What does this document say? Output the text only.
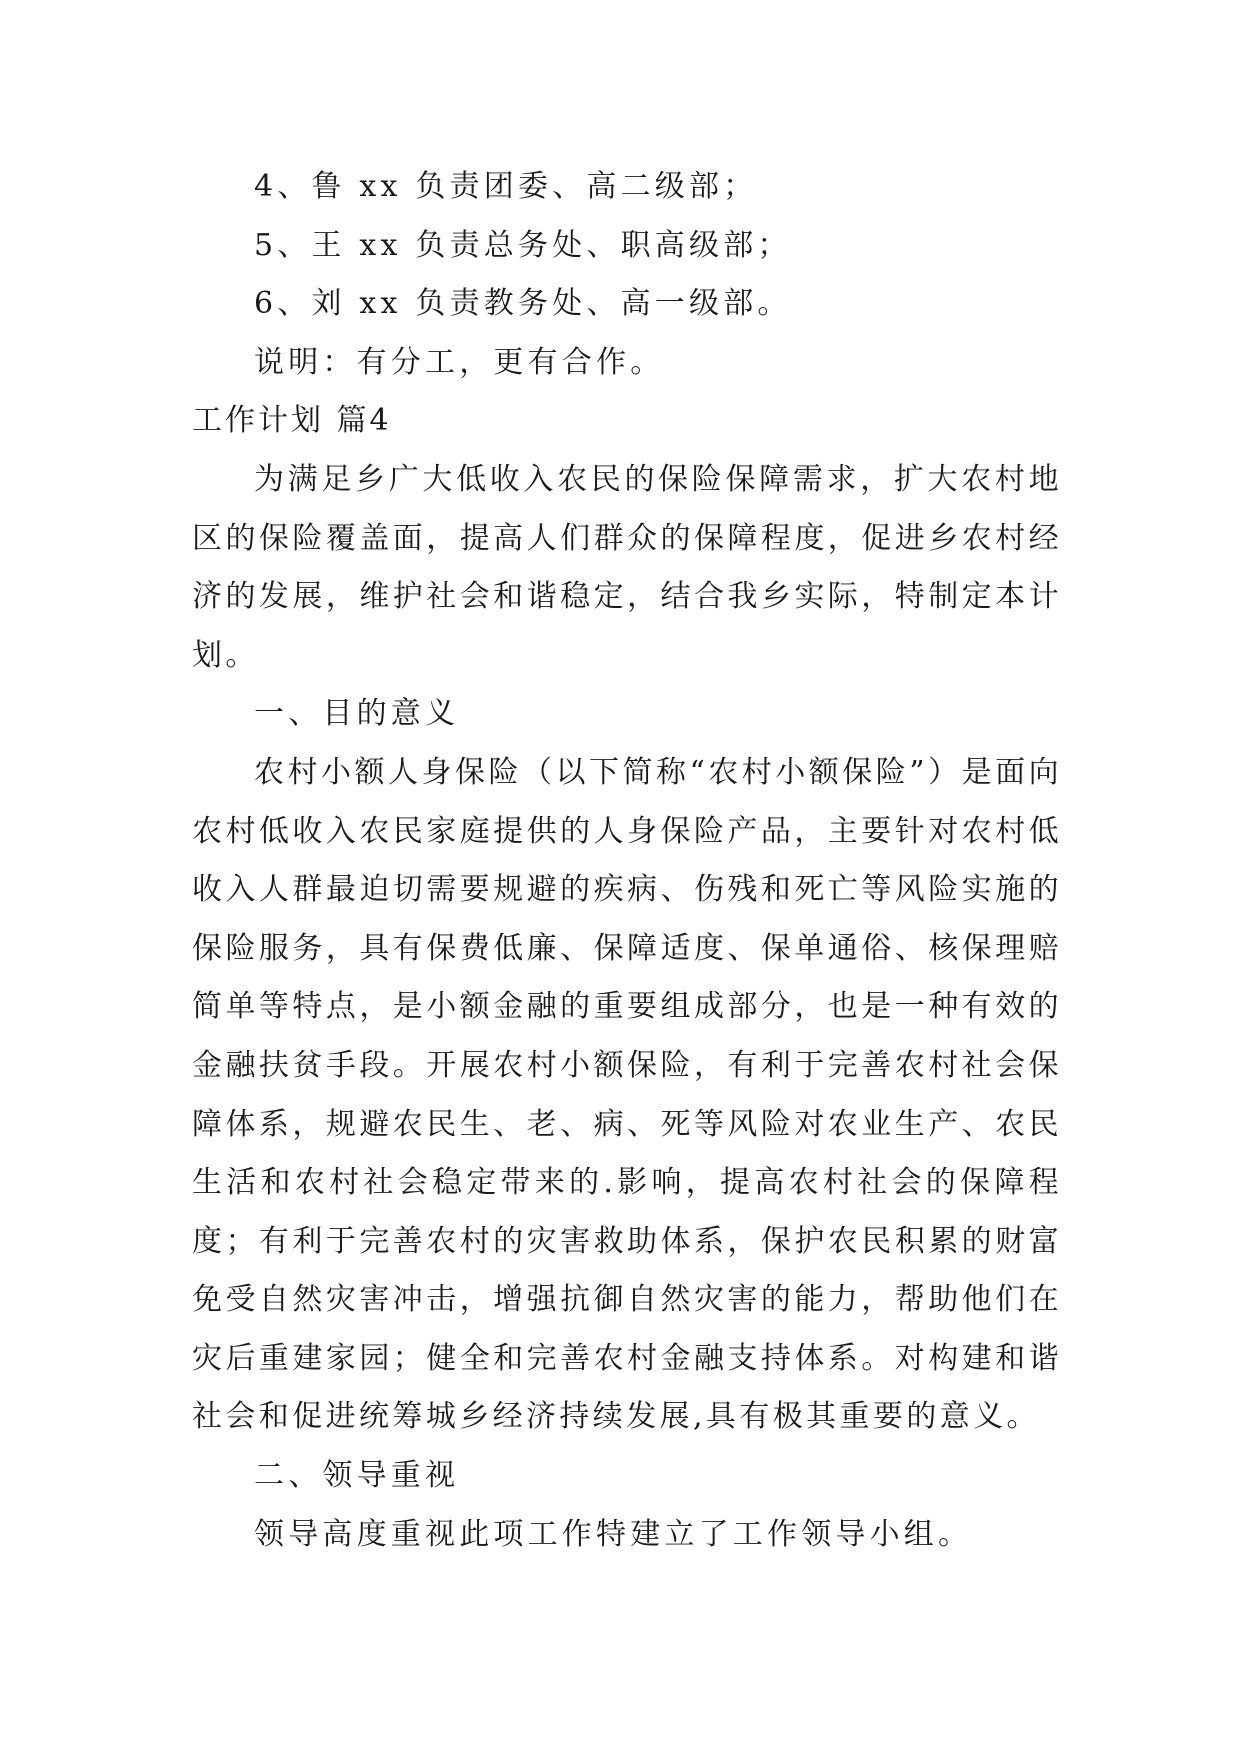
4、鲁 xx 负责团委、高二级部；

5、王 xx 负责总务处、职高级部；

6、刘 xx 负责教务处、高一级部。

说明：有分工，更有合作。

工作计划 篇4

为满足乡广大低收入农民的保险保障需求，扩大农村地区的保险覆盖面，提高人们群众的保障程度，促进乡农村经济的发展，维护社会和谐稳定，结合我乡实际，特制定本计划。

一、目的意义

农村小额人身保险（以下简称“农村小额保险”）是面向农村低收入农民家庭提供的人身保险产品，主要针对农村低收入人群最迫切需要规避的疾病、伤残和死亡等风险实施的保险服务，具有保费低廉、保障适度、保单通俗、核保理赔简单等特点，是小额金融的重要组成部分，也是一种有效的金融扶贫手段。开展农村小额保险，有利于完善农村社会保障体系，规避农民生、老、病、死等风险对农业生产、农民生活和农村社会稳定带来的.影响，提高农村社会的保障程度；有利于完善农村的灾害救助体系，保护农民积累的财富免受自然灾害冲击，增强抗御自然灾害的能力，帮助他们在灾后重建家园；健全和完善农村金融支持体系。对构建和谐社会和促进统筹城乡经济持续发展,具有极其重要的意义。

二、领导重视

领导高度重视此项工作特建立了工作领导小组。
